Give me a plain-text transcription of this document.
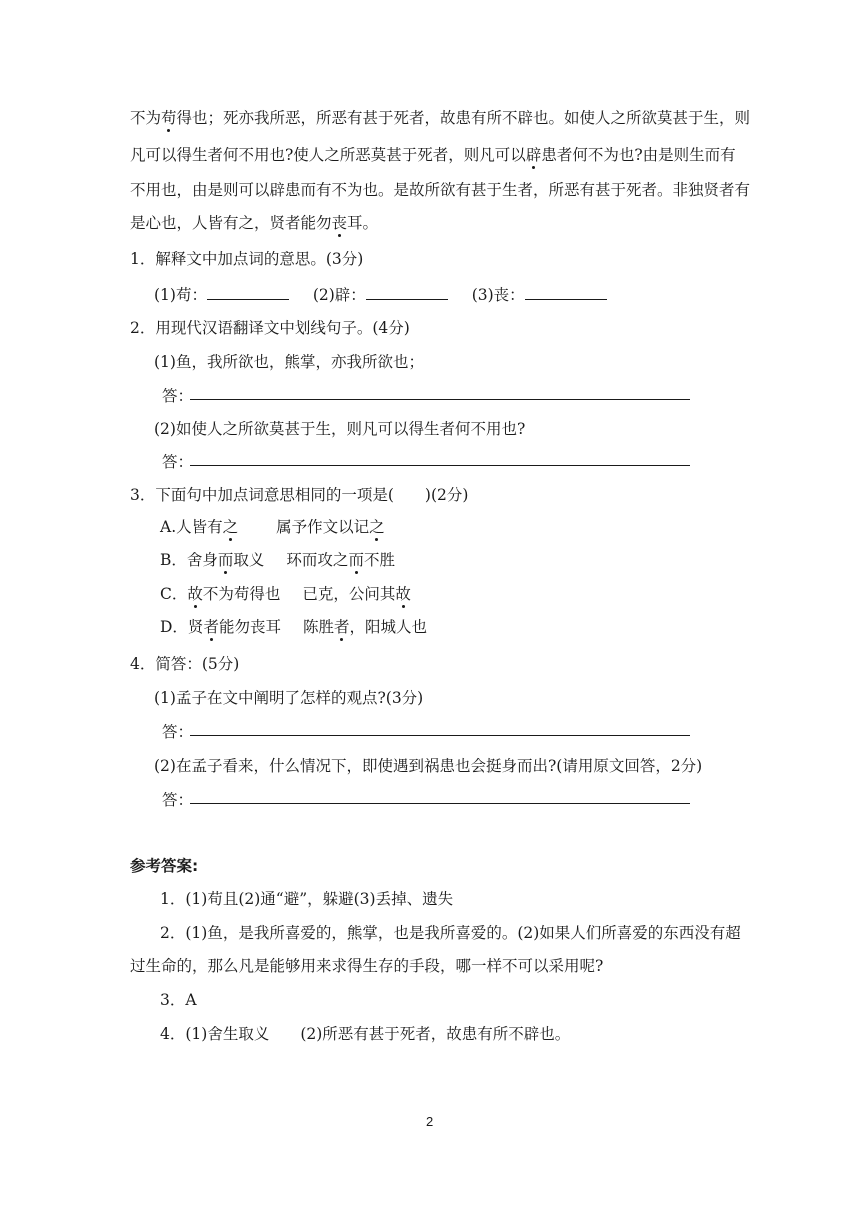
不为苟得也；死亦我所恶，所恶有甚于死者，故患有所不辟也。如使人之所欲莫甚于生，则
凡可以得生者何不用也?使人之所恶莫甚于死者，则凡可以辟患者何不为也?由是则生而有
不用也，由是则可以辟患而有不为也。是故所欲有甚于生者，所恶有甚于死者。非独贤者有
是心也，人皆有之，贤者能勿丧耳。
1．解释文中加点词的意思。(3分)
(1)苟：	(2)辟：	(3)丧：
2．用现代汉语翻译文中划线句子。(4分)
(1)鱼，我所欲也，熊掌，亦我所欲也；
答：
(2)如使人之所欲莫甚于生，则凡可以得生者何不用也?
答：
3．下面句中加点词意思相同的一项是(　　)(2分)
A.人皆有之 属予作文以记之
B．舍身而取义 环而攻之而不胜
C．故不为苟得也 已克，公问其故
D．贤者能勿丧耳 陈胜者，阳城人也
4．简答：(5分)
(1)孟子在文中阐明了怎样的观点?(3分)
答：
(2)在孟子看来，什么情况下，即使遇到祸患也会挺身而出?(请用原文回答，2分)
答：
参考答案:
1．(1)苟且(2)通“避”，躲避(3)丢掉、遗失
2．(1)鱼，是我所喜爱的，熊掌，也是我所喜爱的。(2)如果人们所喜爱的东西没有超
过生命的，那么凡是能够用来求得生存的手段，哪一样不可以采用呢?
3．A
4．(1)舍生取义　　(2)所恶有甚于死者，故患有所不辟也。
2
